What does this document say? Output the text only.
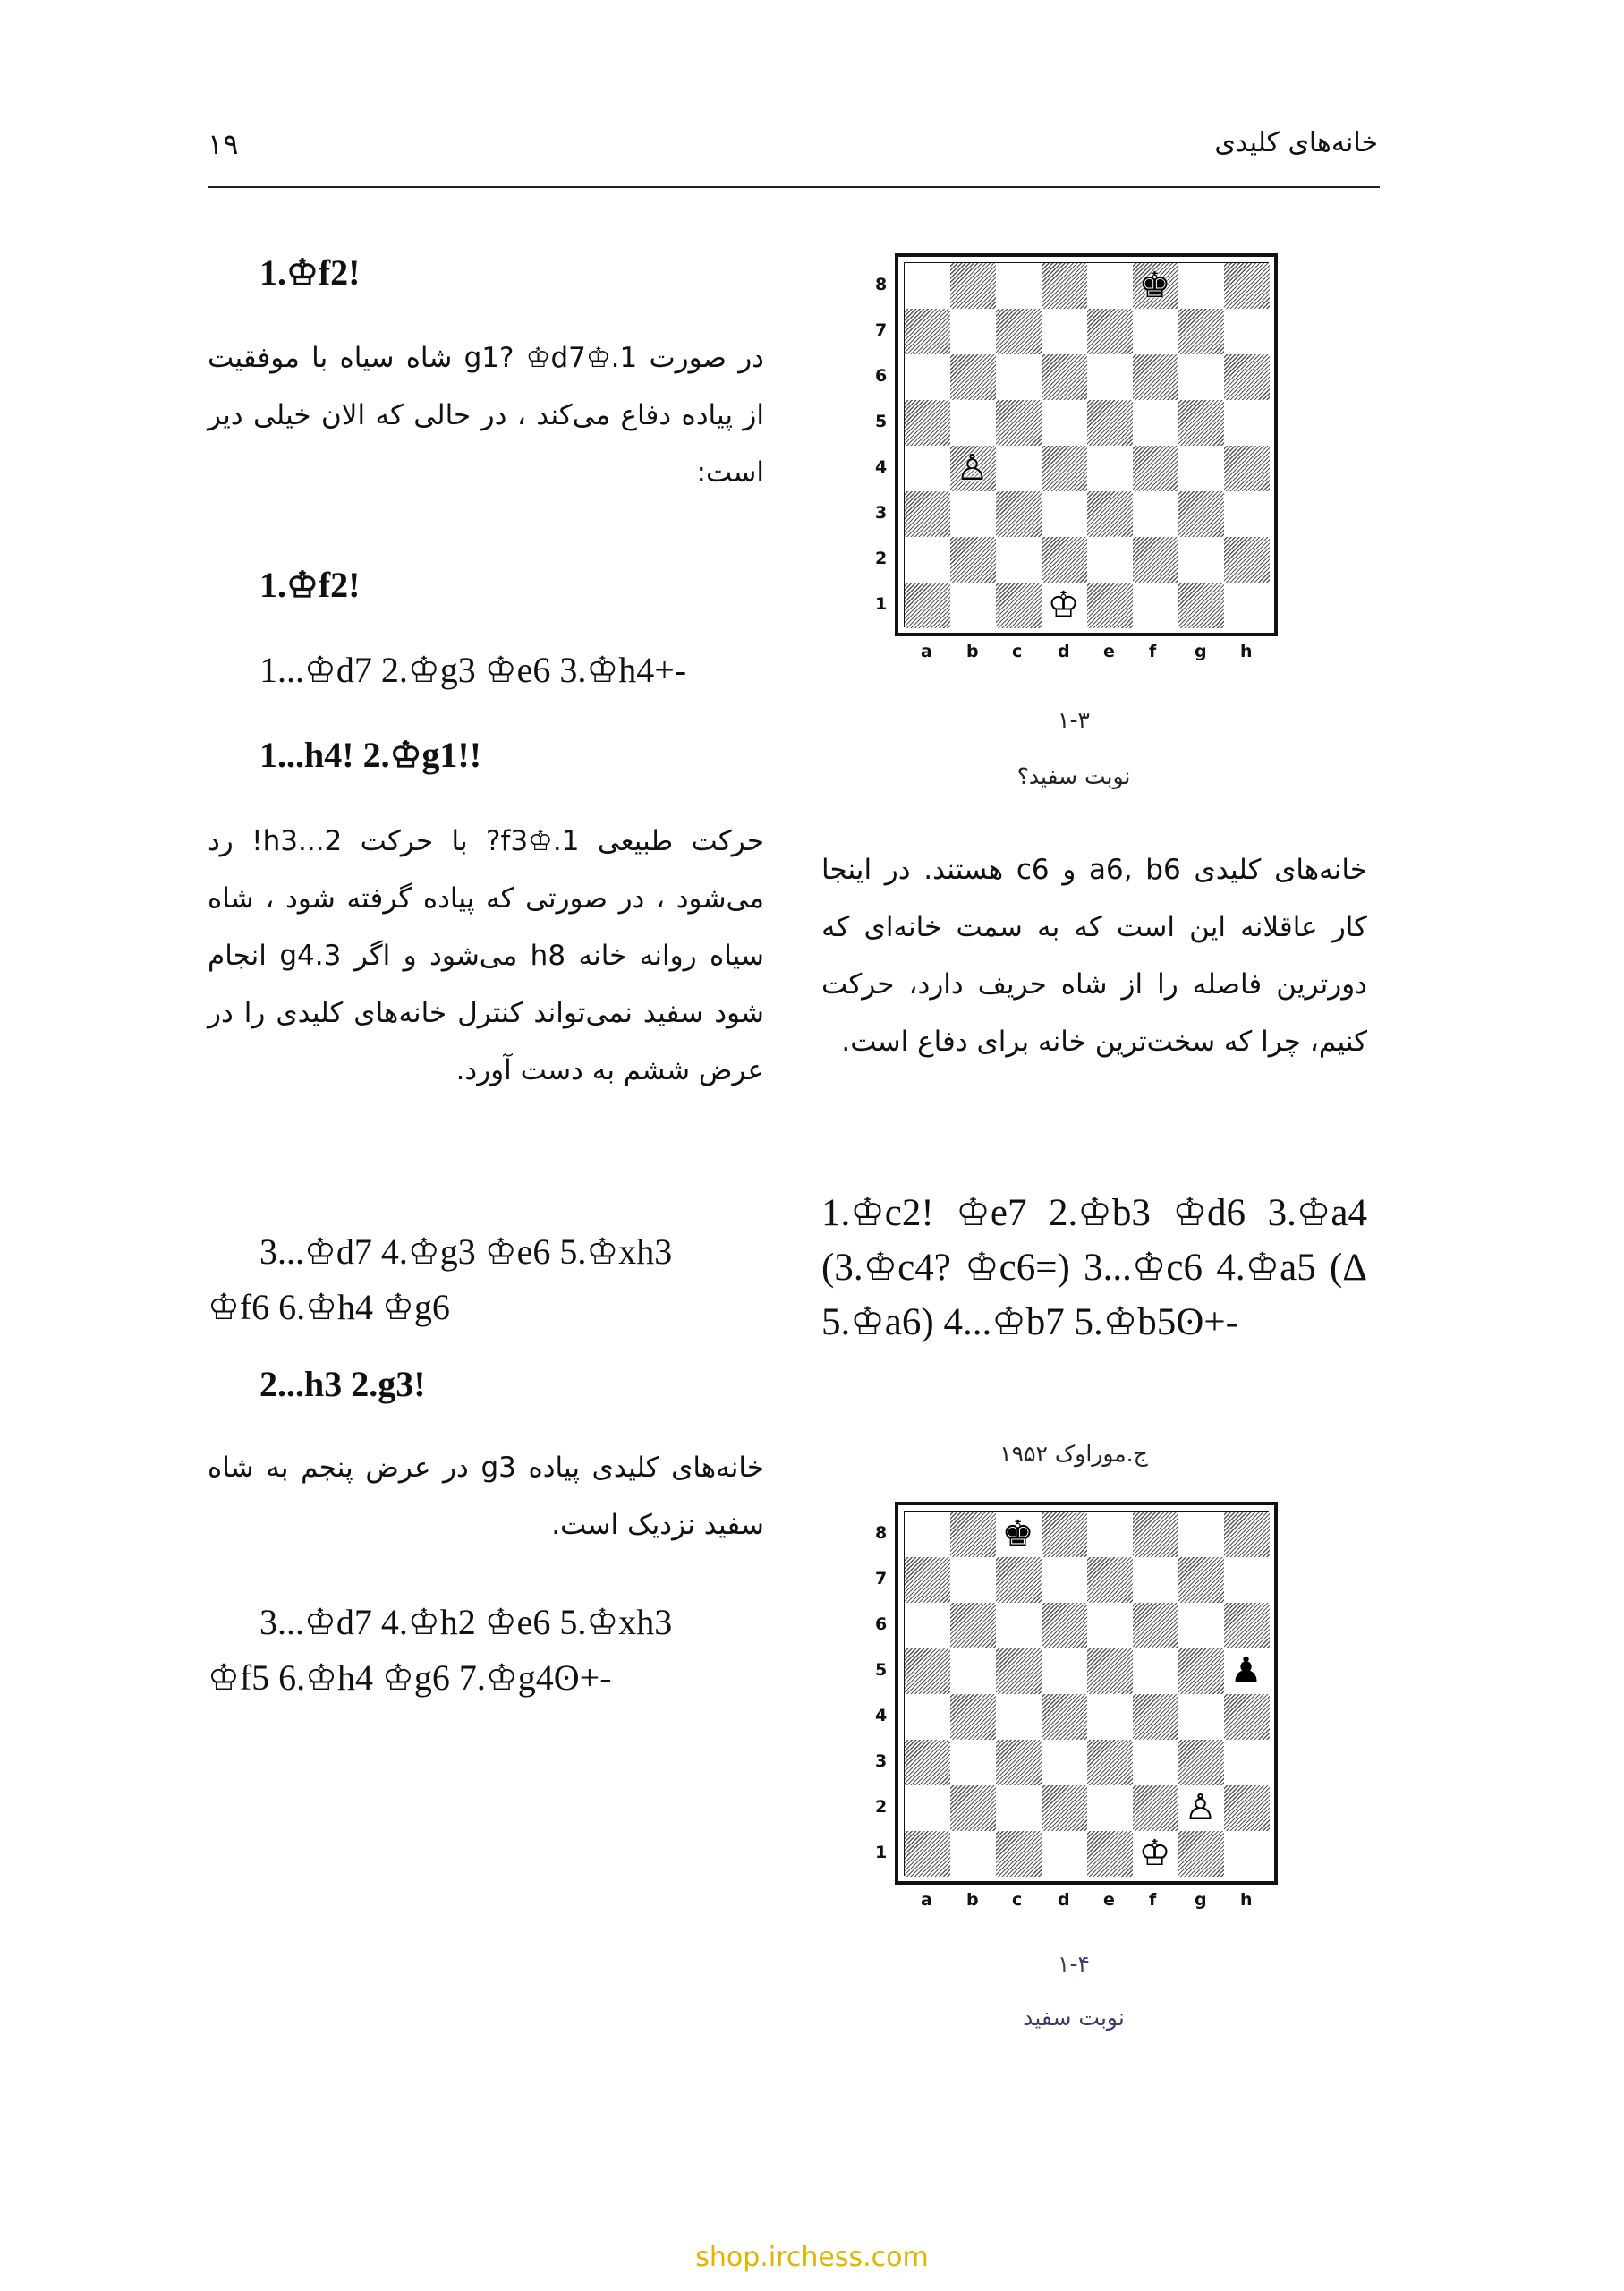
خانه‌های کلیدی
۱۹
1.♔f2!

در صورت 1.♔g1? ♔d7 شاه سیاه با موفقیت از پیاده دفاع می‌کند ، در حالی که الان خیلی دیر است:

1.♔f2!
1...♔d7 2.♔g3 ♔e6 3.♔h4+-
1...h4! 2.♔g1!!

حرکت طبیعی 1.♔f3? با حرکت 2...h3! رد می‌شود ، در صورتی که پیاده گرفته شود ، شاه سیاه روانه خانه h8 می‌شود و اگر 3.g4 انجام شود سفید نمی‌تواند کنترل خانه‌های کلیدی را در عرض ششم به دست آورد.

3...♔d7 4.♔g3 ♔e6 5.♔xh3
♔f6 6.♔h4 ♔g6
2...h3 2.g3!

خانه‌های کلیدی پیاده g3 در عرض پنجم به شاه سفید نزدیک است.

3...♔d7 4.♔h2 ♔e6 5.♔xh3
♔f5 6.♔h4 ♔g6 7.♔g4ʘ+-
8
7
6
5
4
3
2
1
a b c d e f g h
♚
♙
♔
۱-۳
نوبت سفید؟

خانه‌های کلیدی a6, b6 و c6 هستند. در اینجا کار عاقلانه این است که به سمت خانه‌ای که دورترین فاصله را از شاه حریف دارد، حرکت کنیم، چرا که سخت‌ترین خانه برای دفاع است.

1.♔c2! ♔e7 2.♔b3 ♔d6 3.♔a4 (3.♔c4? ♔c6=) 3...♔c6 4.♔a5 (Δ 5.♔a6) 4...♔b7 5.♔b5ʘ+-

ج.موراوک ۱۹۵۲
8
7
6
5
4
3
2
1
a b c d e f g h
♚
♟
♙
♔
۱-۴
نوبت سفید
shop.irchess.com
